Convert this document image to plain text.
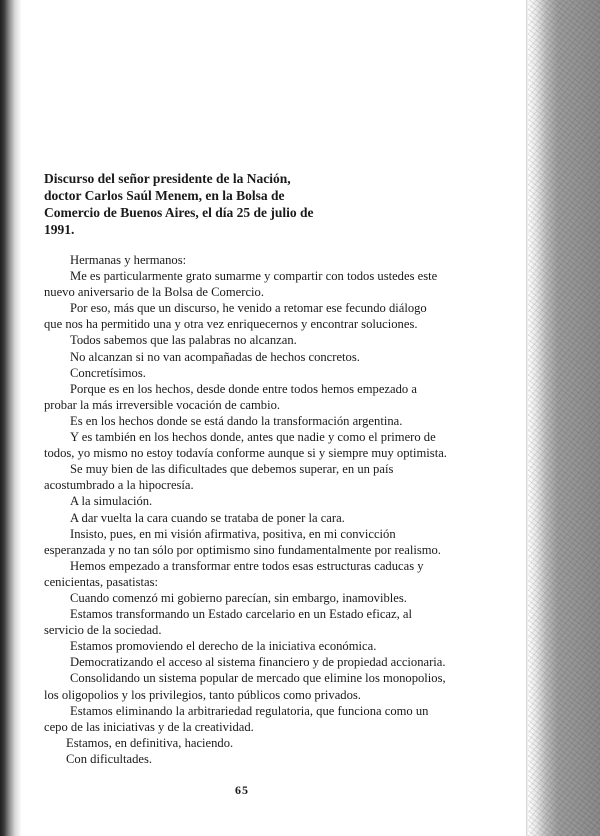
Discurso del señor presidente de la Nación,
doctor Carlos Saúl Menem, en la Bolsa de
Comercio de Buenos Aires, el día 25 de julio de
1991.
Hermanas y hermanos:
Me es particularmente grato sumarme y compartir con todos ustedes este
nuevo aniversario de la Bolsa de Comercio.
Por eso, más que un discurso, he venido a retomar ese fecundo diálogo
que nos ha permitido una y otra vez enriquecernos y encontrar soluciones.
Todos sabemos que las palabras no alcanzan.
No alcanzan si no van acompañadas de hechos concretos.
Concretísimos.
Porque es en los hechos, desde donde entre todos hemos empezado a
probar la más irreversible vocación de cambio.
Es en los hechos donde se está dando la transformación argentina.
Y es también en los hechos donde, antes que nadie y como el primero de
todos, yo mismo no estoy todavía conforme aunque si y siempre muy optimista.
Se muy bien de las dificultades que debemos superar, en un país
acostumbrado a la hipocresía.
A la simulación.
A dar vuelta la cara cuando se trataba de poner la cara.
Insisto, pues, en mi visión afirmativa, positiva, en mi convicción
esperanzada y no tan sólo por optimismo sino fundamentalmente por realismo.
Hemos empezado a transformar entre todos esas estructuras caducas y
cenicientas, pasatistas:
Cuando comenzó mi gobierno parecían, sin embargo, inamovibles.
Estamos transformando un Estado carcelario en un Estado eficaz, al
servicio de la sociedad.
Estamos promoviendo el derecho de la iniciativa económica.
Democratizando el acceso al sistema financiero y de propiedad accionaria.
Consolidando un sistema popular de mercado que elimine los monopolios,
los oligopolios y los privilegios, tanto públicos como privados.
Estamos eliminando la arbitrariedad regulatoria, que funciona como un
cepo de las iniciativas y de la creatividad.
Estamos, en definitiva, haciendo.
Con dificultades.
65
